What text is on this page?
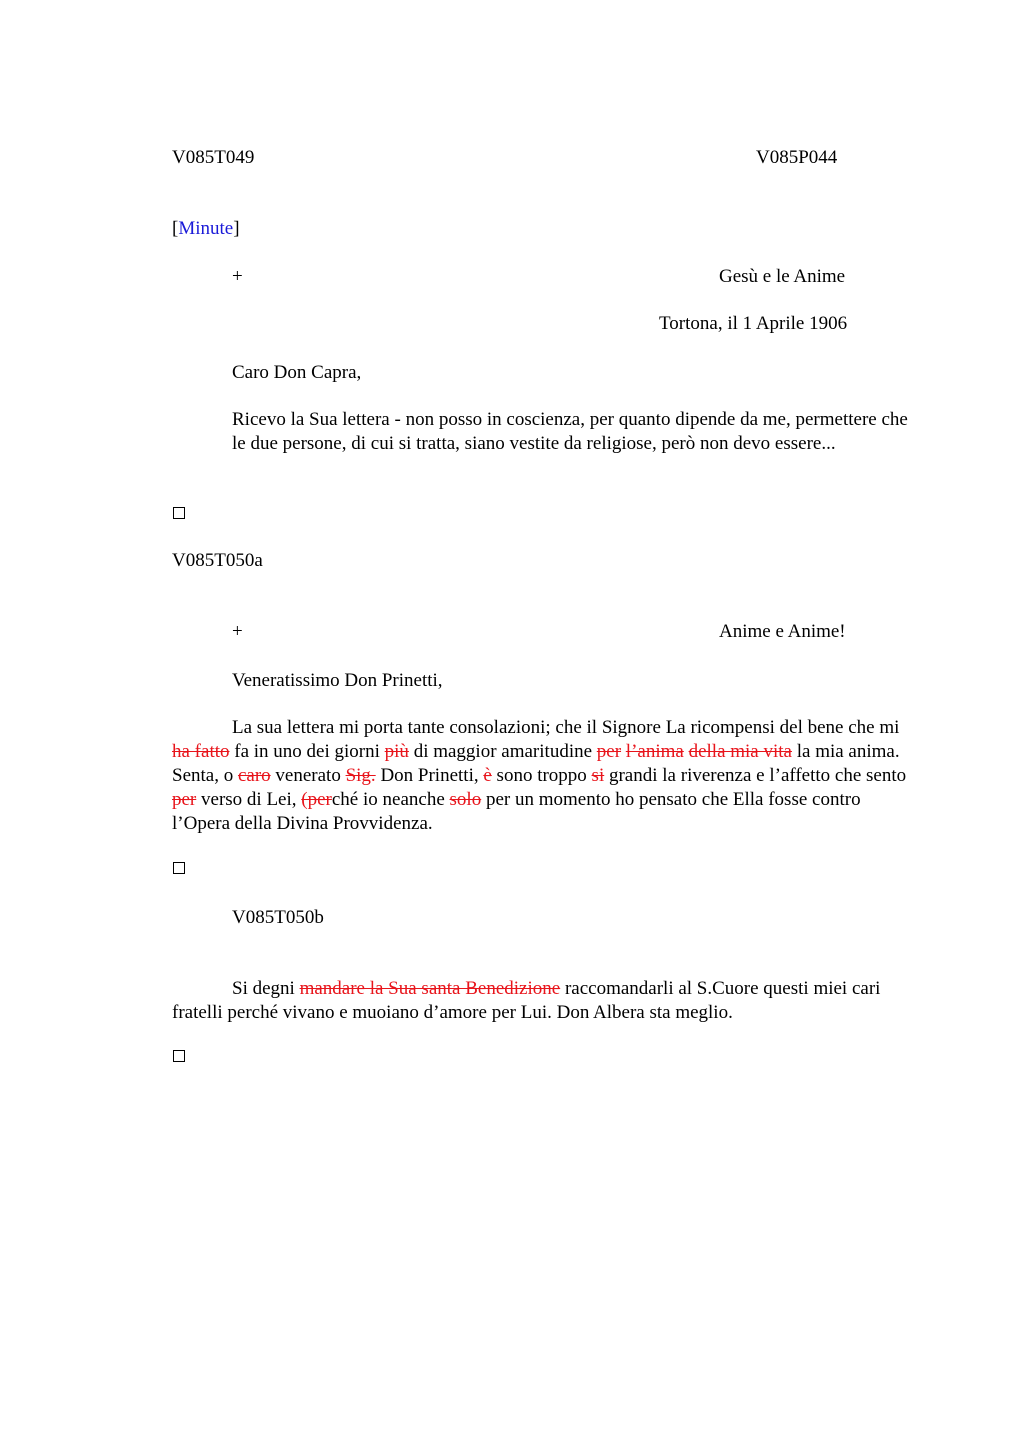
V085T049	V085P044
[Minute]
+	Gesù e le Anime
Tortona, il 1 Aprile 1906
Caro Don Capra,
Ricevo la Sua lettera - non posso in coscienza, per quanto dipende da me, permettere che le due persone, di cui si tratta, siano vestite da religiose, però non devo essere...
V085T050a
+	Anime e Anime!
Veneratissimo Don Prinetti,
La sua lettera mi porta tante consolazioni; che il Signore La ricompensi del bene che mi ha fatto fa in uno dei giorni più di maggior amaritudine per l’anima della mia vita la mia anima. Senta, o caro venerato Sig. Don Prinetti, è sono troppo si grandi la riverenza e l’affetto che sento per verso di Lei, (perché io neanche solo per un momento ho pensato che Ella fosse contro l’Opera della Divina Provvidenza.
V085T050b
Si degni mandare la Sua santa Benedizione raccomandarli al S.Cuore questi miei cari fratelli perché vivano e muoiano d’amore per Lui. Don Albera sta meglio.
